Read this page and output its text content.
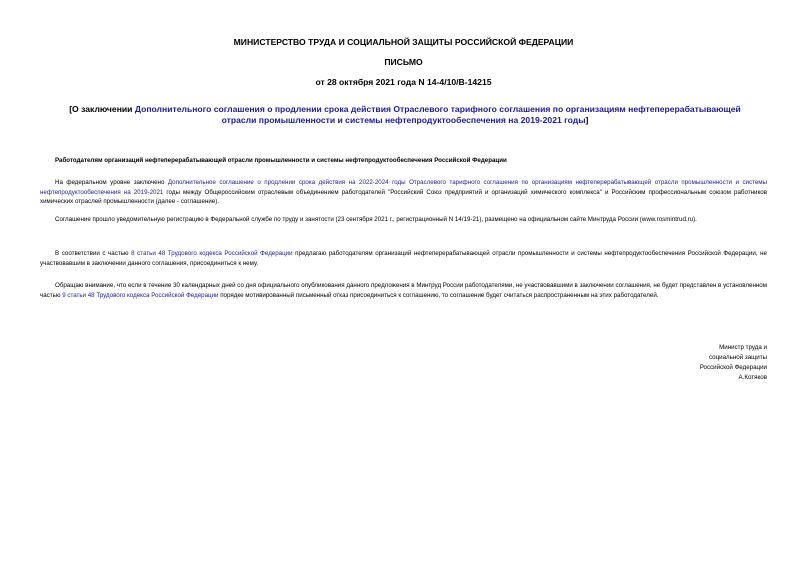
МИНИСТЕРСТВО ТРУДА И СОЦИАЛЬНОЙ ЗАЩИТЫ РОССИЙСКОЙ ФЕДЕРАЦИИ
ПИСЬМО
от 28 октября 2021 года N 14-4/10/В-14215
[О заключении Дополнительного соглашения о продлении срока действия Отраслевого тарифного соглашения по организациям нефтеперерабатывающей отрасли промышленности и системы нефтепродуктообеспечения на 2019-2021 годы]
Работодателям организаций нефтеперерабатывающей отрасли промышленности и системы нефтепродуктообеспечения Российской Федерации
На федеральном уровне заключено Дополнительное соглашение о продлении срока действия на 2022-2024 годы Отраслевого тарифного соглашения по организациям нефтеперерабатывающей отрасли промышленности и системы нефтепродуктообеспечения на 2019-2021 годы между Общероссийским отраслевым объединением работодателей "Российский Союз предприятий и организаций химического комплекса" и Российским профессиональным союзом работников химических отраслей промышленности (далее - соглашение).
Соглашение прошло уведомительную регистрацию в Федеральной службе по труду и занятости (23 сентября 2021 г., регистрационный N 14/19-21), размещено на официальном сайте Минтруда России (www.rosmintrud.ru).
В соответствии с частью 8 статьи 48 Трудового кодекса Российской Федерации предлагаю работодателям организаций нефтеперерабатывающей отрасли промышленности и системы нефтепродуктообеспечения Российской Федерации, не участвовавшим в заключении данного соглашения, присоединиться к нему.
Обращаю внимание, что если в течение 30 календарных дней со дня официального опубликования данного предложения в Минтруд России работодателями, не участвовавшими в заключении соглашения, не будет представлен в установленном частью 9 статьи 48 Трудового кодекса Российской Федерации порядке мотивированный письменный отказ присоединиться к соглашению, то соглашение будет считаться распространенным на этих работодателей.
Министр труда и
социальной защиты
Российской Федерации
А.Котяков
